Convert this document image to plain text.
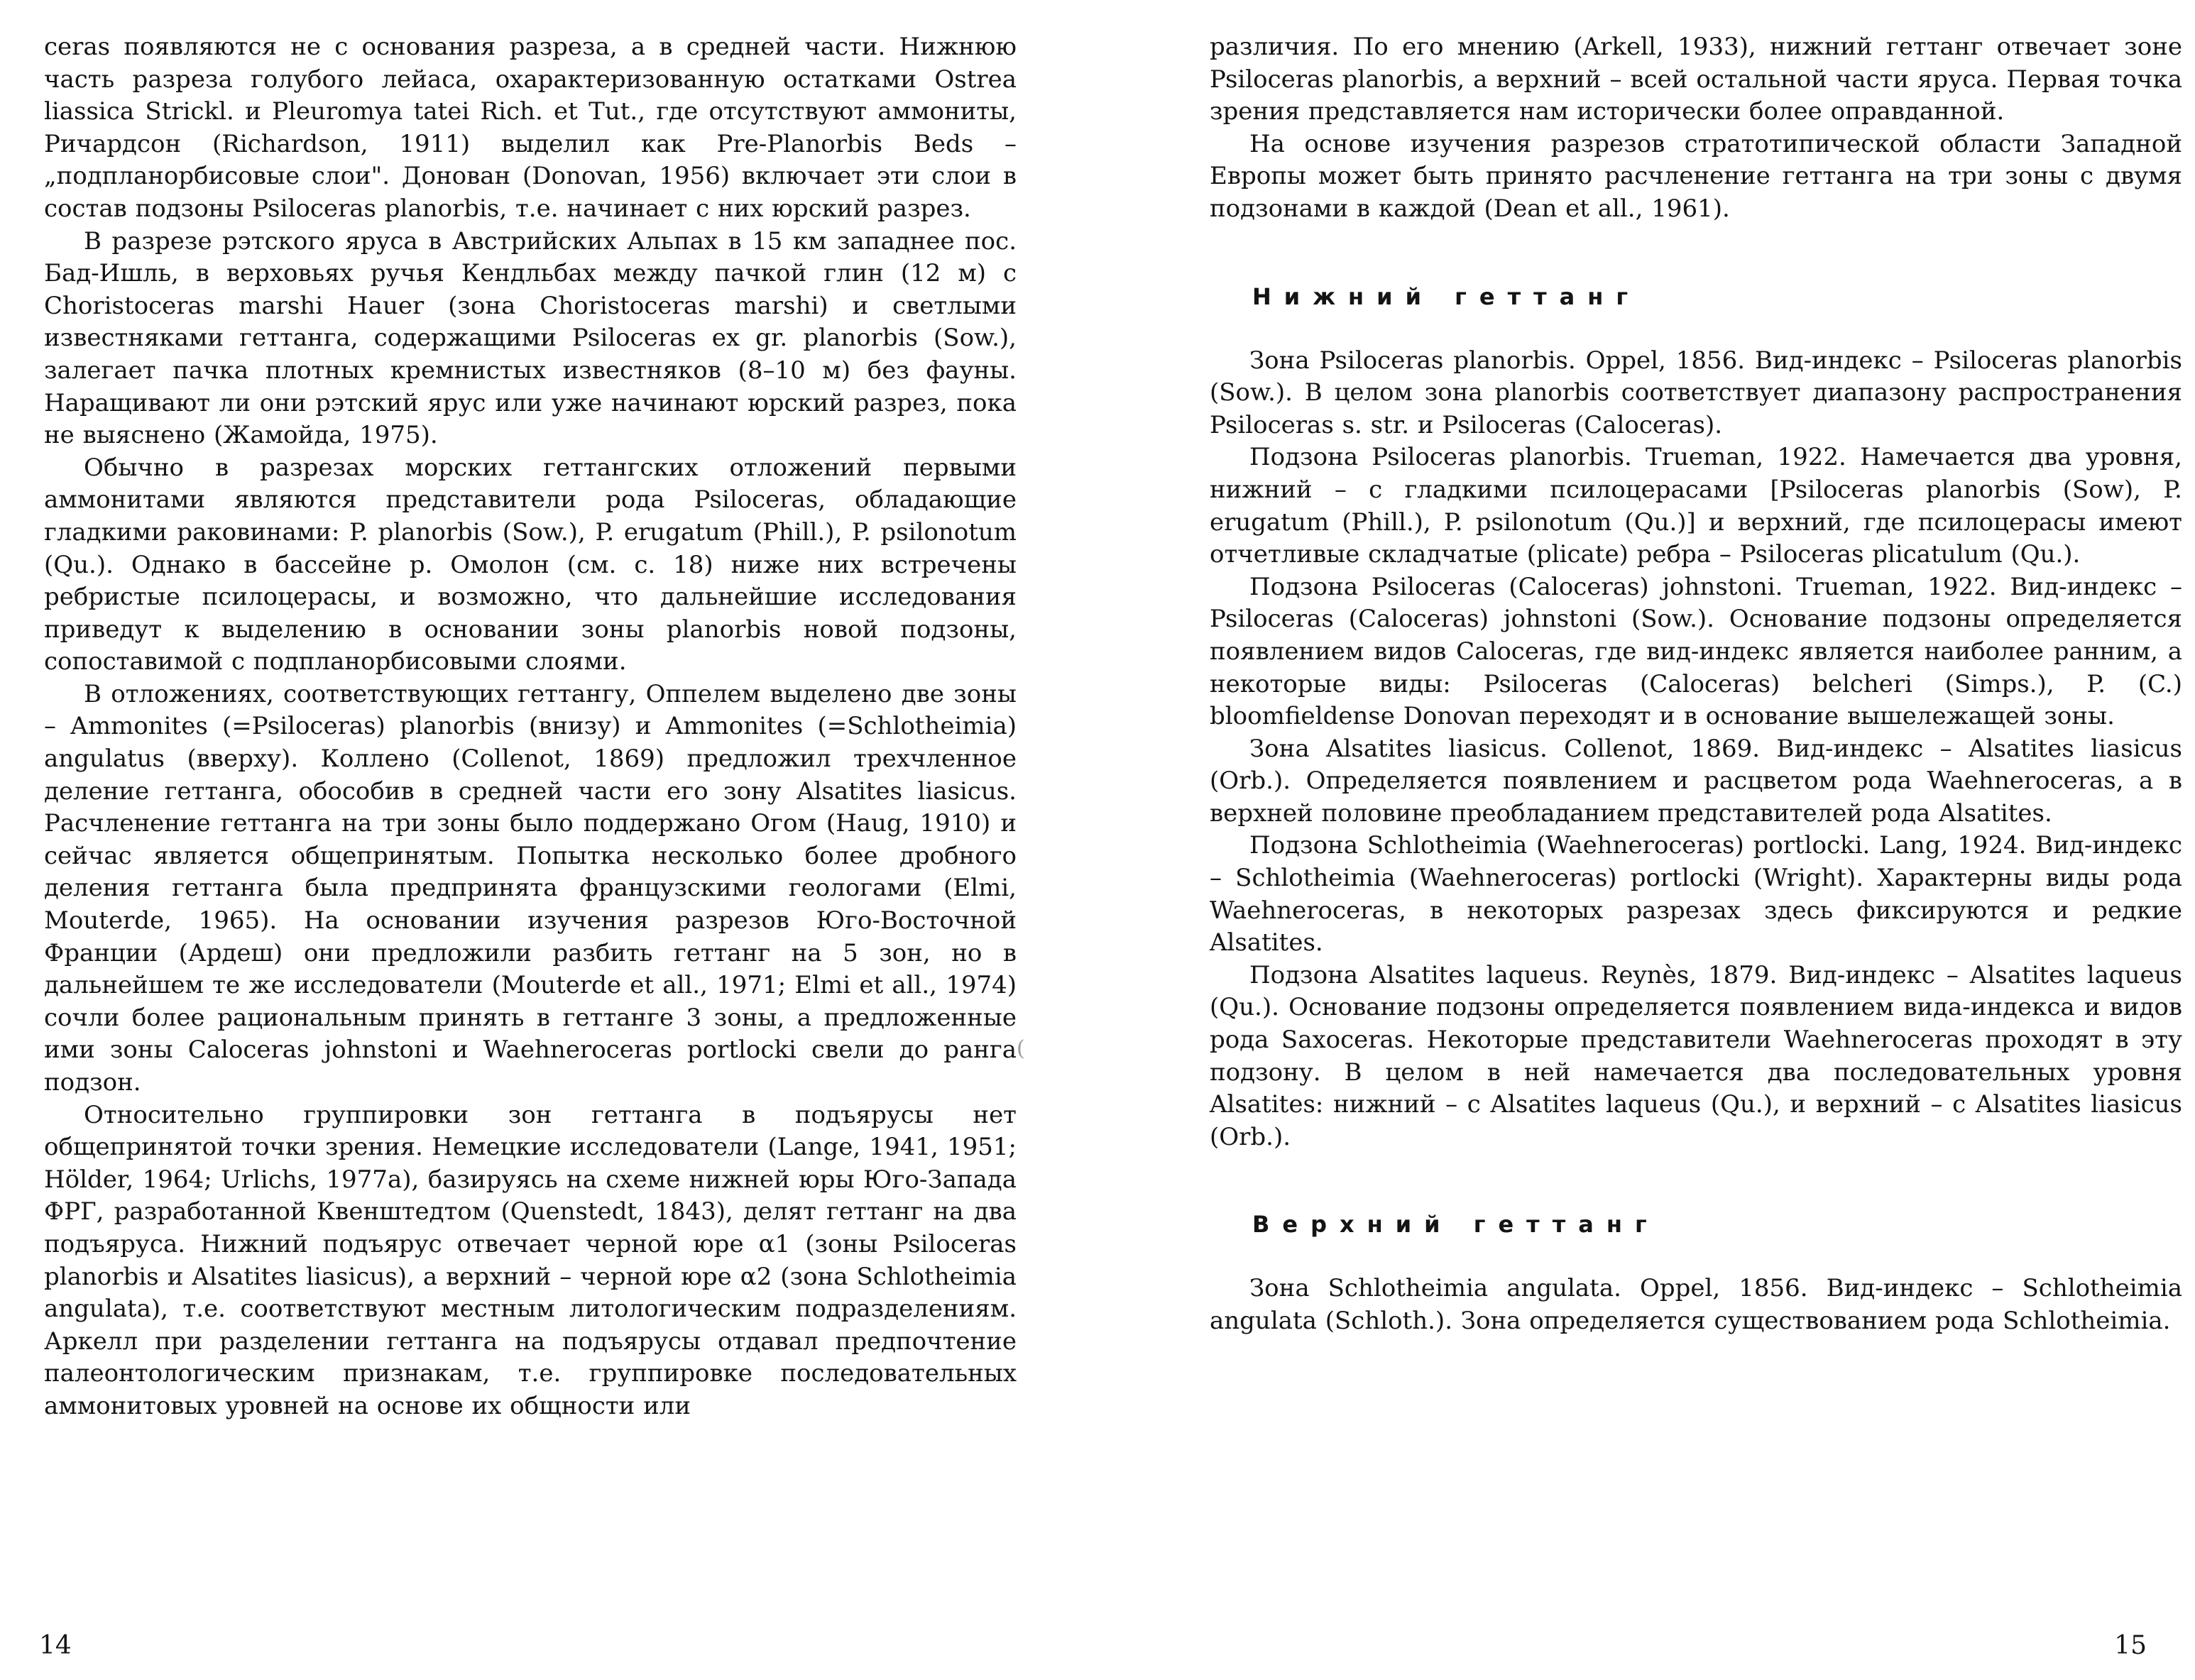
ceras появляются не с основания разреза, а в средней части. Нижнюю часть разреза голубого лейаса, охарактеризованную остатками Ostrea liassica Strickl. и Pleuromya tatei Rich. et Tut., где отсутствуют аммониты, Ричардсон (Richardson, 1911) выделил как Pre-Planorbis Beds – „подпланорбисовые слои". Донован (Donovan, 1956) включает эти слои в состав подзоны Psiloceras planorbis, т.е. начинает с них юрский разрез.

В разрезе рэтского яруса в Австрийских Альпах в 15 км западнее пос. Бад-Ишль, в верховьях ручья Кендльбах между пачкой глин (12 м) с Choristoceras marshi Hauer (зона Choristoceras marshi) и светлыми известняками геттанга, содержащими Psiloceras ex gr. planorbis (Sow.), залегает пачка плотных кремнистых известняков (8–10 м) без фауны. Наращивают ли они рэтский ярус или уже начинают юрский разрез, пока не выяснено (Жамойда, 1975).

Обычно в разрезах морских геттангских отложений первыми аммонитами являются представители рода Psiloceras, обладающие гладкими раковинами: P. planorbis (Sow.), P. erugatum (Phill.), P. psilonotum (Qu.). Однако в бассейне р. Омолон (см. с. 18) ниже них встречены ребристые псилоцерасы, и возможно, что дальнейшие исследования приведут к выделению в основании зоны planorbis новой подзоны, сопоставимой с подпланорбисовыми слоями.

В отложениях, соответствующих геттангу, Оппелем выделено две зоны – Ammonites (=Psiloceras) planorbis (внизу) и Ammonites (=Schlotheimia) angulatus (вверху). Коллено (Collenot, 1869) предложил трехчленное деление геттанга, обособив в средней части его зону Alsatites liasicus. Расчленение геттанга на три зоны было поддержано Огом (Haug, 1910) и сейчас является общепринятым. Попытка несколько более дробного деления геттанга была предпринята французскими геологами (Elmi, Mouterde, 1965). На основании изучения разрезов Юго-Восточной Франции (Ардеш) они предложили разбить геттанг на 5 зон, но в дальнейшем те же исследователи (Mouterde et all., 1971; Elmi et all., 1974) сочли более рациональным принять в геттанге 3 зоны, а предложенные ими зоны Caloceras johnstoni и Waehneroceras portlocki свели до ранга подзон.

Относительно группировки зон геттанга в подъярусы нет общепринятой точки зрения. Немецкие исследователи (Lange, 1941, 1951; Hölder, 1964; Urlichs, 1977а), базируясь на схеме нижней юры Юго-Запада ФРГ, разработанной Квенштедтом (Quenstedt, 1843), делят геттанг на два подъяруса. Нижний подъярус отвечает черной юре α1 (зоны Psiloceras planorbis и Alsatites liasicus), а верхний – черной юре α2 (зона Schlotheimia angulata), т.е. соответствуют местным литологическим подразделениям. Аркелл при разделении геттанга на подъярусы отдавал предпочтение палеонтологическим признакам, т.е. группировке последовательных аммонитовых уровней на основе их общности или

14
(

различия. По его мнению (Arkell, 1933), нижний геттанг отвечает зоне Psiloceras planorbis, а верхний – всей остальной части яруса. Первая точка зрения представляется нам исторически более оправданной.

На основе изучения разрезов стратотипической области Западной Европы может быть принято расчленение геттанга на три зоны с двумя подзонами в каждой (Dean et all., 1961).

Нижний геттанг

Зона Psiloceras planorbis. Oppel, 1856. Вид-индекс – Psiloceras planorbis (Sow.). В целом зона planorbis соответствует диапазону распространения Psiloceras s. str. и Psiloceras (Caloceras).

Подзона Psiloceras planorbis. Trueman, 1922. Намечается два уровня, нижний – с гладкими псилоцерасами [Psiloceras planorbis (Sow), P. erugatum (Phill.), P. psilonotum (Qu.)] и верхний, где псилоцерасы имеют отчетливые складчатые (plicate) ребра – Psiloceras plicatulum (Qu.).

Подзона Psiloceras (Caloceras) johnstoni. Trueman, 1922. Вид-индекс – Psiloceras (Caloceras) johnstoni (Sow.). Основание подзоны определяется появлением видов Caloceras, где вид-индекс является наиболее ранним, а некоторые виды: Psiloceras (Caloceras) belcheri (Simps.), P. (C.) bloomfieldense Donovan переходят и в основание вышележащей зоны.

Зона Alsatites liasicus. Collenot, 1869. Вид-индекс – Alsatites liasicus (Orb.). Определяется появлением и расцветом рода Waehneroceras, а в верхней половине преобладанием представителей рода Alsatites.

Подзона Schlotheimia (Waehneroceras) portlocki. Lang, 1924. Вид-индекс – Schlotheimia (Waehneroceras) portlocki (Wright). Характерны виды рода Waehneroceras, в некоторых разрезах здесь фиксируются и редкие Alsatites.

Подзона Alsatites laqueus. Reynès, 1879. Вид-индекс – Alsatites laqueus (Qu.). Основание подзоны определяется появлением вида-индекса и видов рода Saxoceras. Некоторые представители Waehneroceras проходят в эту подзону. В целом в ней намечается два последовательных уровня Alsatites: нижний – с Alsatites laqueus (Qu.), и верхний – с Alsatites liasicus (Orb.).

Верхний геттанг

Зона Schlotheimia angulata. Oppel, 1856. Вид-индекс – Schlotheimia angulata (Schloth.). Зона определяется существованием рода Schlotheimia.

15
